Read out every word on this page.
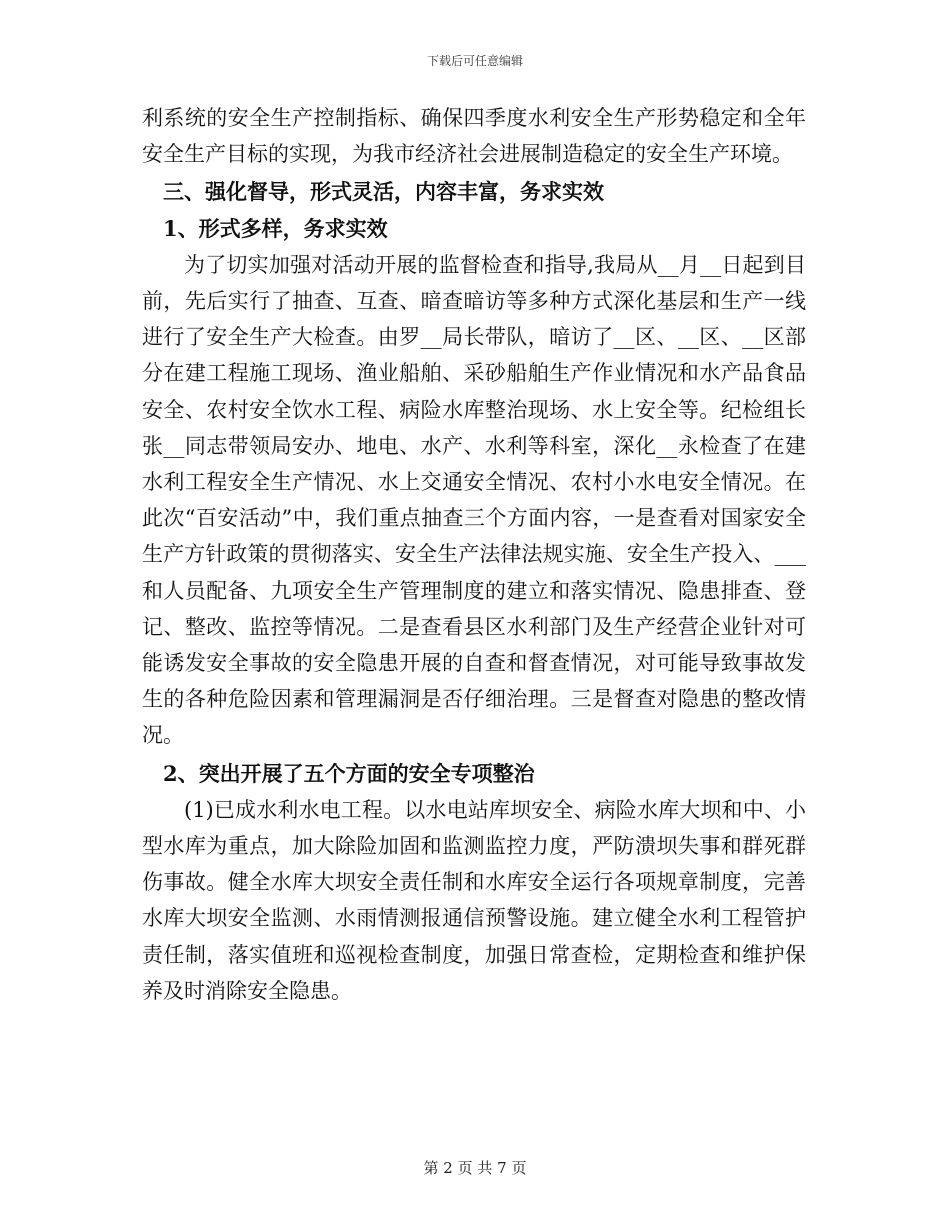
下载后可任意编辑

利系统的安全生产控制指标、确保四季度水利安全生产形势稳定和全年安全生产目标的实现，为我市经济社会进展制造稳定的安全生产环境。

三、强化督导，形式灵活，内容丰富，务求实效

1、形式多样，务求实效

为了切实加强对活动开展的监督检查和指导,我局从__月__日起到目前，先后实行了抽查、互查、暗查暗访等多种方式深化基层和生产一线进行了安全生产大检查。由罗__局长带队，暗访了__区、__区、__区部分在建工程施工现场、渔业船舶、采砂船舶生产作业情况和水产品食品安全、农村安全饮水工程、病险水库整治现场、水上安全等。纪检组长张__同志带领局安办、地电、水产、水利等科室，深化__永检查了在建水利工程安全生产情况、水上交通安全情况、农村小水电安全情况。在此次“百安活动”中，我们重点抽查三个方面内容，一是查看对国家安全生产方针政策的贯彻落实、安全生产法律法规实施、安全生产投入、___和人员配备、九项安全生产管理制度的建立和落实情况、隐患排查、登记、整改、监控等情况。二是查看县区水利部门及生产经营企业针对可能诱发安全事故的安全隐患开展的自查和督查情况，对可能导致事故发生的各种危险因素和管理漏洞是否仔细治理。三是督查对隐患的整改情况。

2、突出开展了五个方面的安全专项整治

(1)已成水利水电工程。以水电站库坝安全、病险水库大坝和中、小型水库为重点，加大除险加固和监测监控力度，严防溃坝失事和群死群伤事故。健全水库大坝安全责任制和水库安全运行各项规章制度，完善水库大坝安全监测、水雨情测报通信预警设施。建立健全水利工程管护责任制，落实值班和巡视检查制度，加强日常查检，定期检查和维护保养及时消除安全隐患。

第 2 页 共 7 页
